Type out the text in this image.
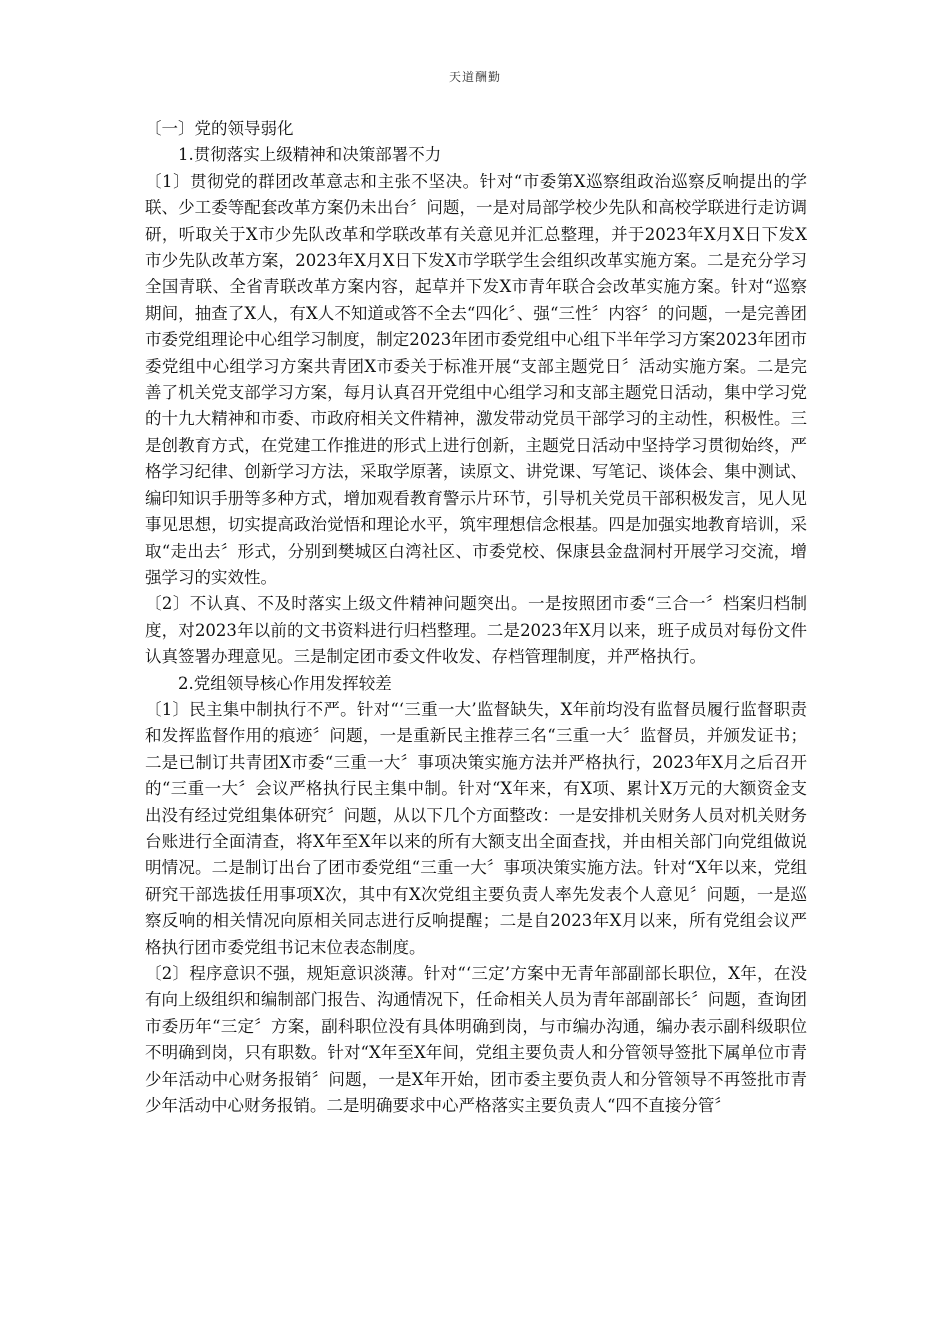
天道酬勤

〔一〕党的领导弱化

1.贯彻落实上级精神和决策部署不力

〔1〕贯彻党的群团改革意志和主张不坚决。针对“市委第X巡察组政治巡察反响提出的学联、少工委等配套改革方案仍未出台〞问题，一是对局部学校少先队和高校学联进行走访调研，听取关于X市少先队改革和学联改革有关意见并汇总整理，并于2023年X月X日下发X市少先队改革方案，2023年X月X日下发X市学联学生会组织改革实施方案。二是充分学习全国青联、全省青联改革方案内容，起草并下发X市青年联合会改革实施方案。针对“巡察期间，抽查了X人，有X人不知道或答不全去“四化〞、强“三性〞内容〞的问题，一是完善团市委党组理论中心组学习制度，制定2023年团市委党组中心组下半年学习方案2023年团市委党组中心组学习方案共青团X市委关于标准开展“支部主题党日〞活动实施方案。二是完善了机关党支部学习方案，每月认真召开党组中心组学习和支部主题党日活动，集中学习党的十九大精神和市委、市政府相关文件精神，激发带动党员干部学习的主动性，积极性。三是创教育方式，在党建工作推进的形式上进行创新，主题党日活动中坚持学习贯彻始终，严格学习纪律、创新学习方法，采取学原著，读原文、讲党课、写笔记、谈体会、集中测试、编印知识手册等多种方式，增加观看教育警示片环节，引导机关党员干部积极发言，见人见事见思想，切实提高政治觉悟和理论水平，筑牢理想信念根基。四是加强实地教育培训，采取“走出去〞形式，分别到樊城区白湾社区、市委党校、保康县金盘洞村开展学习交流，增强学习的实效性。

〔2〕不认真、不及时落实上级文件精神问题突出。一是按照团市委“三合一〞档案归档制度，对2023年以前的文书资料进行归档整理。二是2023年X月以来，班子成员对每份文件认真签署办理意见。三是制定团市委文件收发、存档管理制度，并严格执行。

2.党组领导核心作用发挥较差

〔1〕民主集中制执行不严。针对“‘三重一大’监督缺失，X年前均没有监督员履行监督职责和发挥监督作用的痕迹〞问题，一是重新民主推荐三名“三重一大〞监督员，并颁发证书；二是已制订共青团X市委“三重一大〞事项决策实施方法并严格执行，2023年X月之后召开的“三重一大〞会议严格执行民主集中制。针对“X年来，有X项、累计X万元的大额资金支出没有经过党组集体研究〞问题，从以下几个方面整改：一是安排机关财务人员对机关财务台账进行全面清查，将X年至X年以来的所有大额支出全面查找，并由相关部门向党组做说明情况。二是制订出台了团市委党组“三重一大〞事项决策实施方法。针对“X年以来，党组研究干部选拔任用事项X次，其中有X次党组主要负责人率先发表个人意见〞问题，一是巡察反响的相关情况向原相关同志进行反响提醒；二是自2023年X月以来，所有党组会议严格执行团市委党组书记末位表态制度。

〔2〕程序意识不强，规矩意识淡薄。针对“‘三定’方案中无青年部副部长职位，X年，在没有向上级组织和编制部门报告、沟通情况下，任命相关人员为青年部副部长〞问题，查询团市委历年“三定〞方案，副科职位没有具体明确到岗，与市编办沟通，编办表示副科级职位不明确到岗，只有职数。针对“X年至X年间，党组主要负责人和分管领导签批下属单位市青少年活动中心财务报销〞问题，一是X年开始，团市委主要负责人和分管领导不再签批市青少年活动中心财务报销。二是明确要求中心严格落实主要负责人“四不直接分管〞
